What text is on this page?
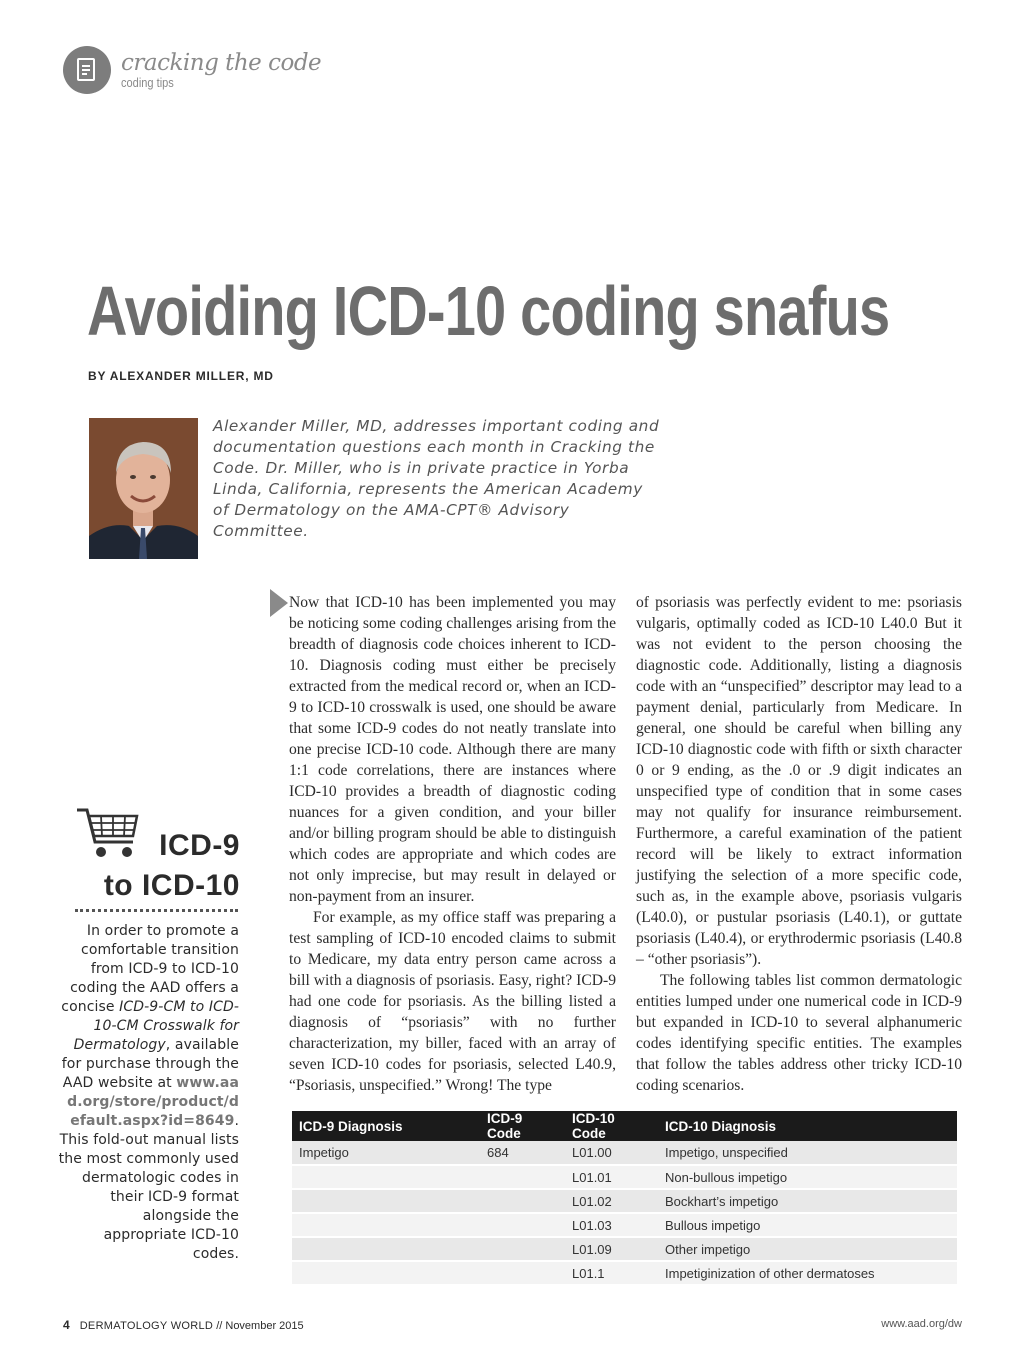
cracking the code
coding tips
Avoiding ICD-10 coding snafus
BY ALEXANDER MILLER, MD
Alexander Miller, MD, addresses important coding and documentation questions each month in Cracking the Code. Dr. Miller, who is in private practice in Yorba Linda, California, represents the American Academy of Dermatology on the AMA-CPT® Advisory Committee.
ICD-9
to ICD-10
In order to promote a comfortable transition from ICD-9 to ICD-10 coding the AAD offers a concise ICD-9-CM to ICD-10-CM Crosswalk for Dermatology, available for purchase through the AAD website at www.aad.org/store/product/default.aspx?id=8649. This fold-out manual lists the most commonly used dermatologic codes in their ICD-9 format alongside the appropriate ICD-10 codes.

Now that ICD-10 has been implemented you may be noticing some coding challenges arising from the breadth of diagnosis code choices inherent to ICD-10. Diagnosis coding must either be precisely extracted from the medical record or, when an ICD-9 to ICD-10 crosswalk is used, one should be aware that some ICD-9 codes do not neatly translate into one precise ICD-10 code. Although there are many 1:1 code correlations, there are instances where ICD-10 provides a breadth of diagnostic coding nuances for a given condition, and your biller and/or billing program should be able to distinguish which codes are appropriate and which codes are not only imprecise, but may result in delayed or non-payment from an insurer.

For example, as my office staff was preparing a test sampling of ICD-10 encoded claims to submit to Medicare, my data entry person came across a bill with a diagnosis of psoriasis. Easy, right? ICD-9 had one code for psoriasis. As the billing listed a diagnosis of “psoriasis” with no further characterization, my biller, faced with an array of seven ICD-10 codes for psoriasis, selected L40.9, “Psoriasis, unspecified.” Wrong! The type

of psoriasis was perfectly evident to me: psoriasis vulgaris, optimally coded as ICD-10 L40.0 But it was not evident to the person choosing the diagnostic code. Additionally, listing a diagnosis code with an “unspecified” descriptor may lead to a payment denial, particularly from Medicare. In general, one should be careful when billing any ICD-10 diagnostic code with fifth or sixth character 0 or 9 ending, as the .0 or .9 digit indicates an unspecified type of condition that in some cases may not qualify for insurance reimbursement. Furthermore, a careful examination of the patient record will be likely to extract information justifying the selection of a more specific code, such as, in the example above, psoriasis vulgaris (L40.0), or pustular psoriasis (L40.1), or guttate psoriasis (L40.4), or erythrodermic psoriasis (L40.8 – “other psoriasis”).

The following tables list common dermatologic entities lumped under one numerical code in ICD-9 but expanded in ICD-10 to several alphanumeric codes identifying specific entities. The examples that follow the tables address other tricky ICD-10 coding scenarios.

ICD-9 Diagnosis	ICD-9 Code	ICD-10 Code	ICD-10 Diagnosis
Impetigo	684	L01.00	Impetigo, unspecified
		L01.01	Non-bullous impetigo
		L01.02	Bockhart’s impetigo
		L01.03	Bullous impetigo
		L01.09	Other impetigo
		L01.1	Impetiginization of other dermatoses
4 DERMATOLOGY WORLD // November 2015	www.aad.org/dw
